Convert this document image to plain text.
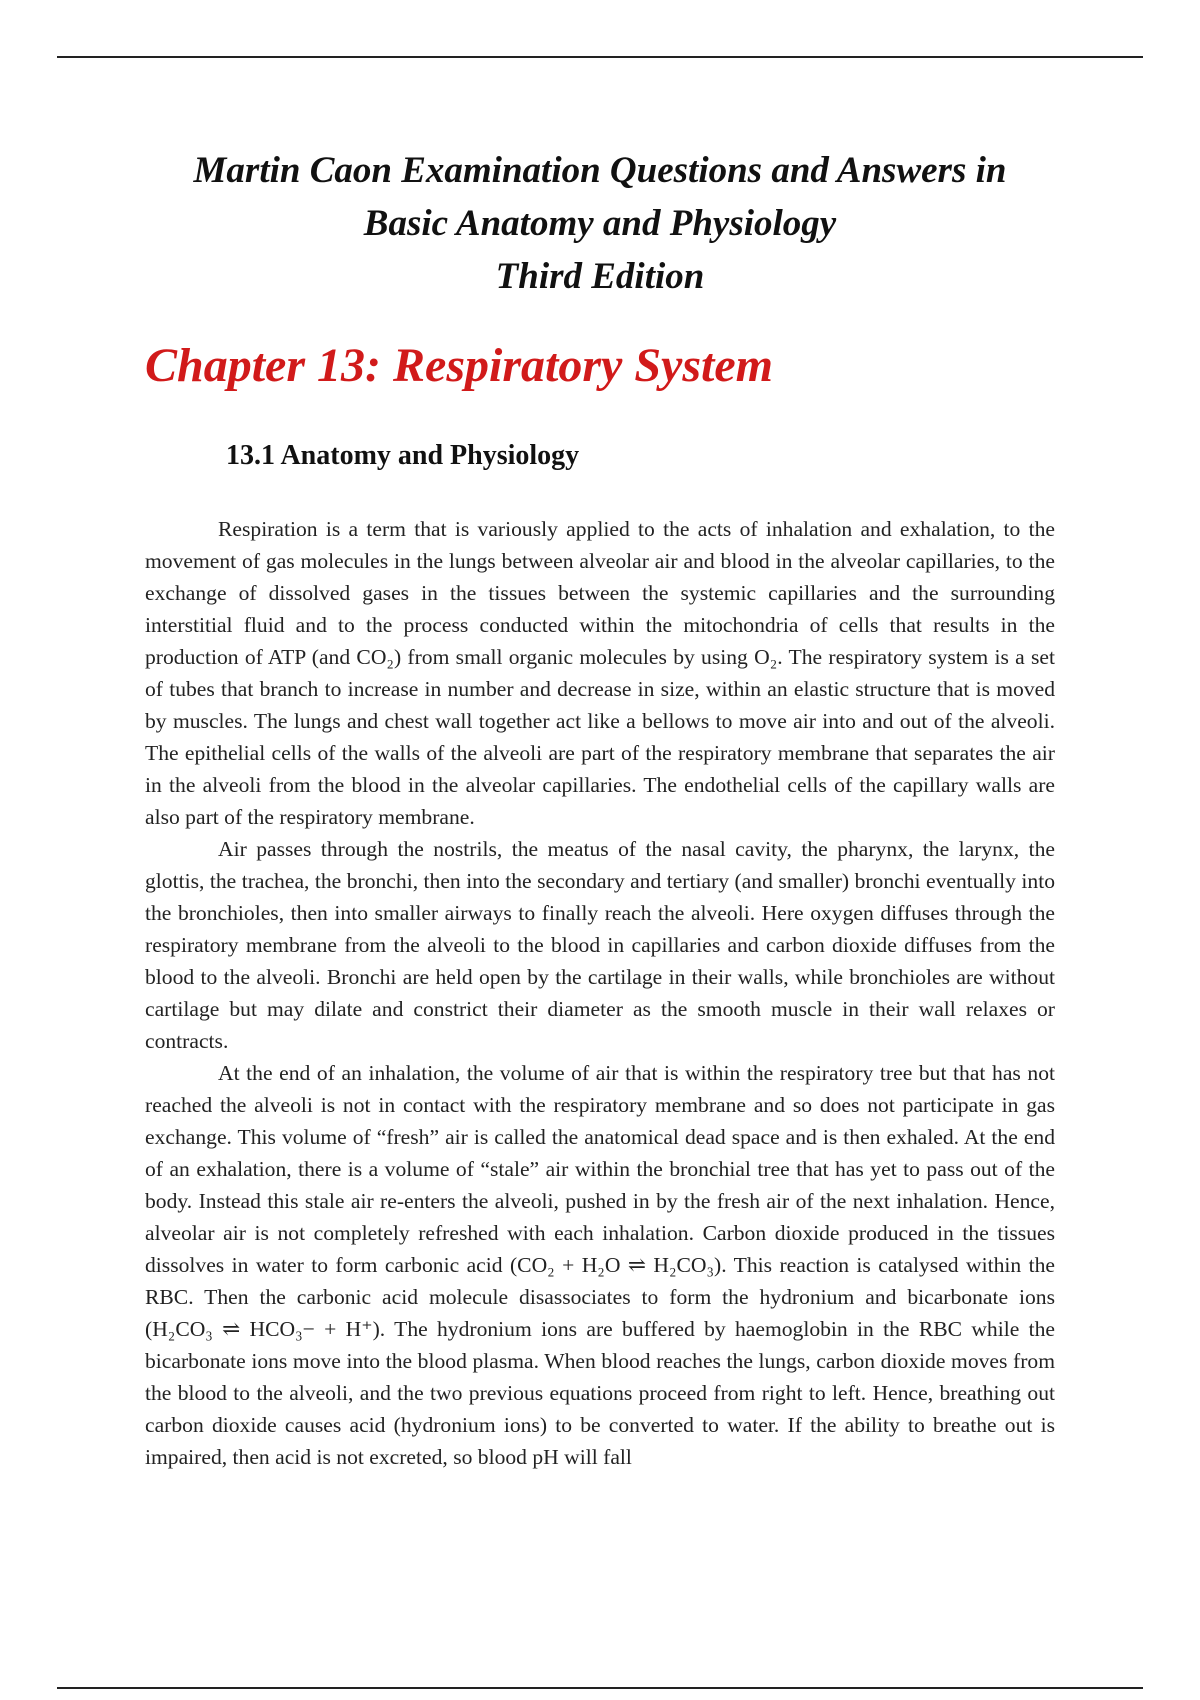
Martin Caon Examination Questions and Answers in
Basic Anatomy and Physiology
Third Edition
Chapter 13: Respiratory System
13.1 Anatomy and Physiology

Respiration is a term that is variously applied to the acts of inhalation and exhalation, to the movement of gas molecules in the lungs between alveolar air and blood in the alveolar capillaries, to the exchange of dissolved gases in the tissues between the systemic capillaries and the surrounding interstitial fluid and to the process conducted within the mitochondria of cells that results in the production of ATP (and CO₂) from small organic molecules by using O₂. The respiratory system is a set of tubes that branch to increase in number and decrease in size, within an elastic structure that is moved by muscles. The lungs and chest wall together act like a bellows to move air into and out of the alveoli. The epithelial cells of the walls of the alveoli are part of the respiratory membrane that separates the air in the alveoli from the blood in the alveolar capillaries. The endothelial cells of the capillary walls are also part of the respiratory membrane.

Air passes through the nostrils, the meatus of the nasal cavity, the pharynx, the larynx, the glottis, the trachea, the bronchi, then into the secondary and tertiary (and smaller) bronchi eventually into the bronchioles, then into smaller airways to finally reach the alveoli. Here oxygen diffuses through the respiratory membrane from the alveoli to the blood in capillaries and carbon dioxide diffuses from the blood to the alveoli. Bronchi are held open by the cartilage in their walls, while bronchioles are without cartilage but may dilate and constrict their diameter as the smooth muscle in their wall relaxes or contracts.

At the end of an inhalation, the volume of air that is within the respiratory tree but that has not reached the alveoli is not in contact with the respiratory membrane and so does not participate in gas exchange. This volume of “fresh” air is called the anatomical dead space and is then exhaled. At the end of an exhalation, there is a volume of “stale” air within the bronchial tree that has yet to pass out of the body. Instead this stale air re-enters the alveoli, pushed in by the fresh air of the next inhalation. Hence, alveolar air is not completely refreshed with each inhalation. Carbon dioxide produced in the tissues dissolves in water to form carbonic acid (CO₂ + H₂O ⇌ H₂CO₃). This reaction is catalysed within the RBC. Then the carbonic acid molecule disassociates to form the hydronium and bicarbonate ions (H₂CO₃ ⇌ HCO₃− + H⁺). The hydronium ions are buffered by haemoglobin in the RBC while the bicarbonate ions move into the blood plasma. When blood reaches the lungs, carbon dioxide moves from the blood to the alveoli, and the two previous equations proceed from right to left. Hence, breathing out carbon dioxide causes acid (hydronium ions) to be converted to water. If the ability to breathe out is impaired, then acid is not excreted, so blood pH will fall
